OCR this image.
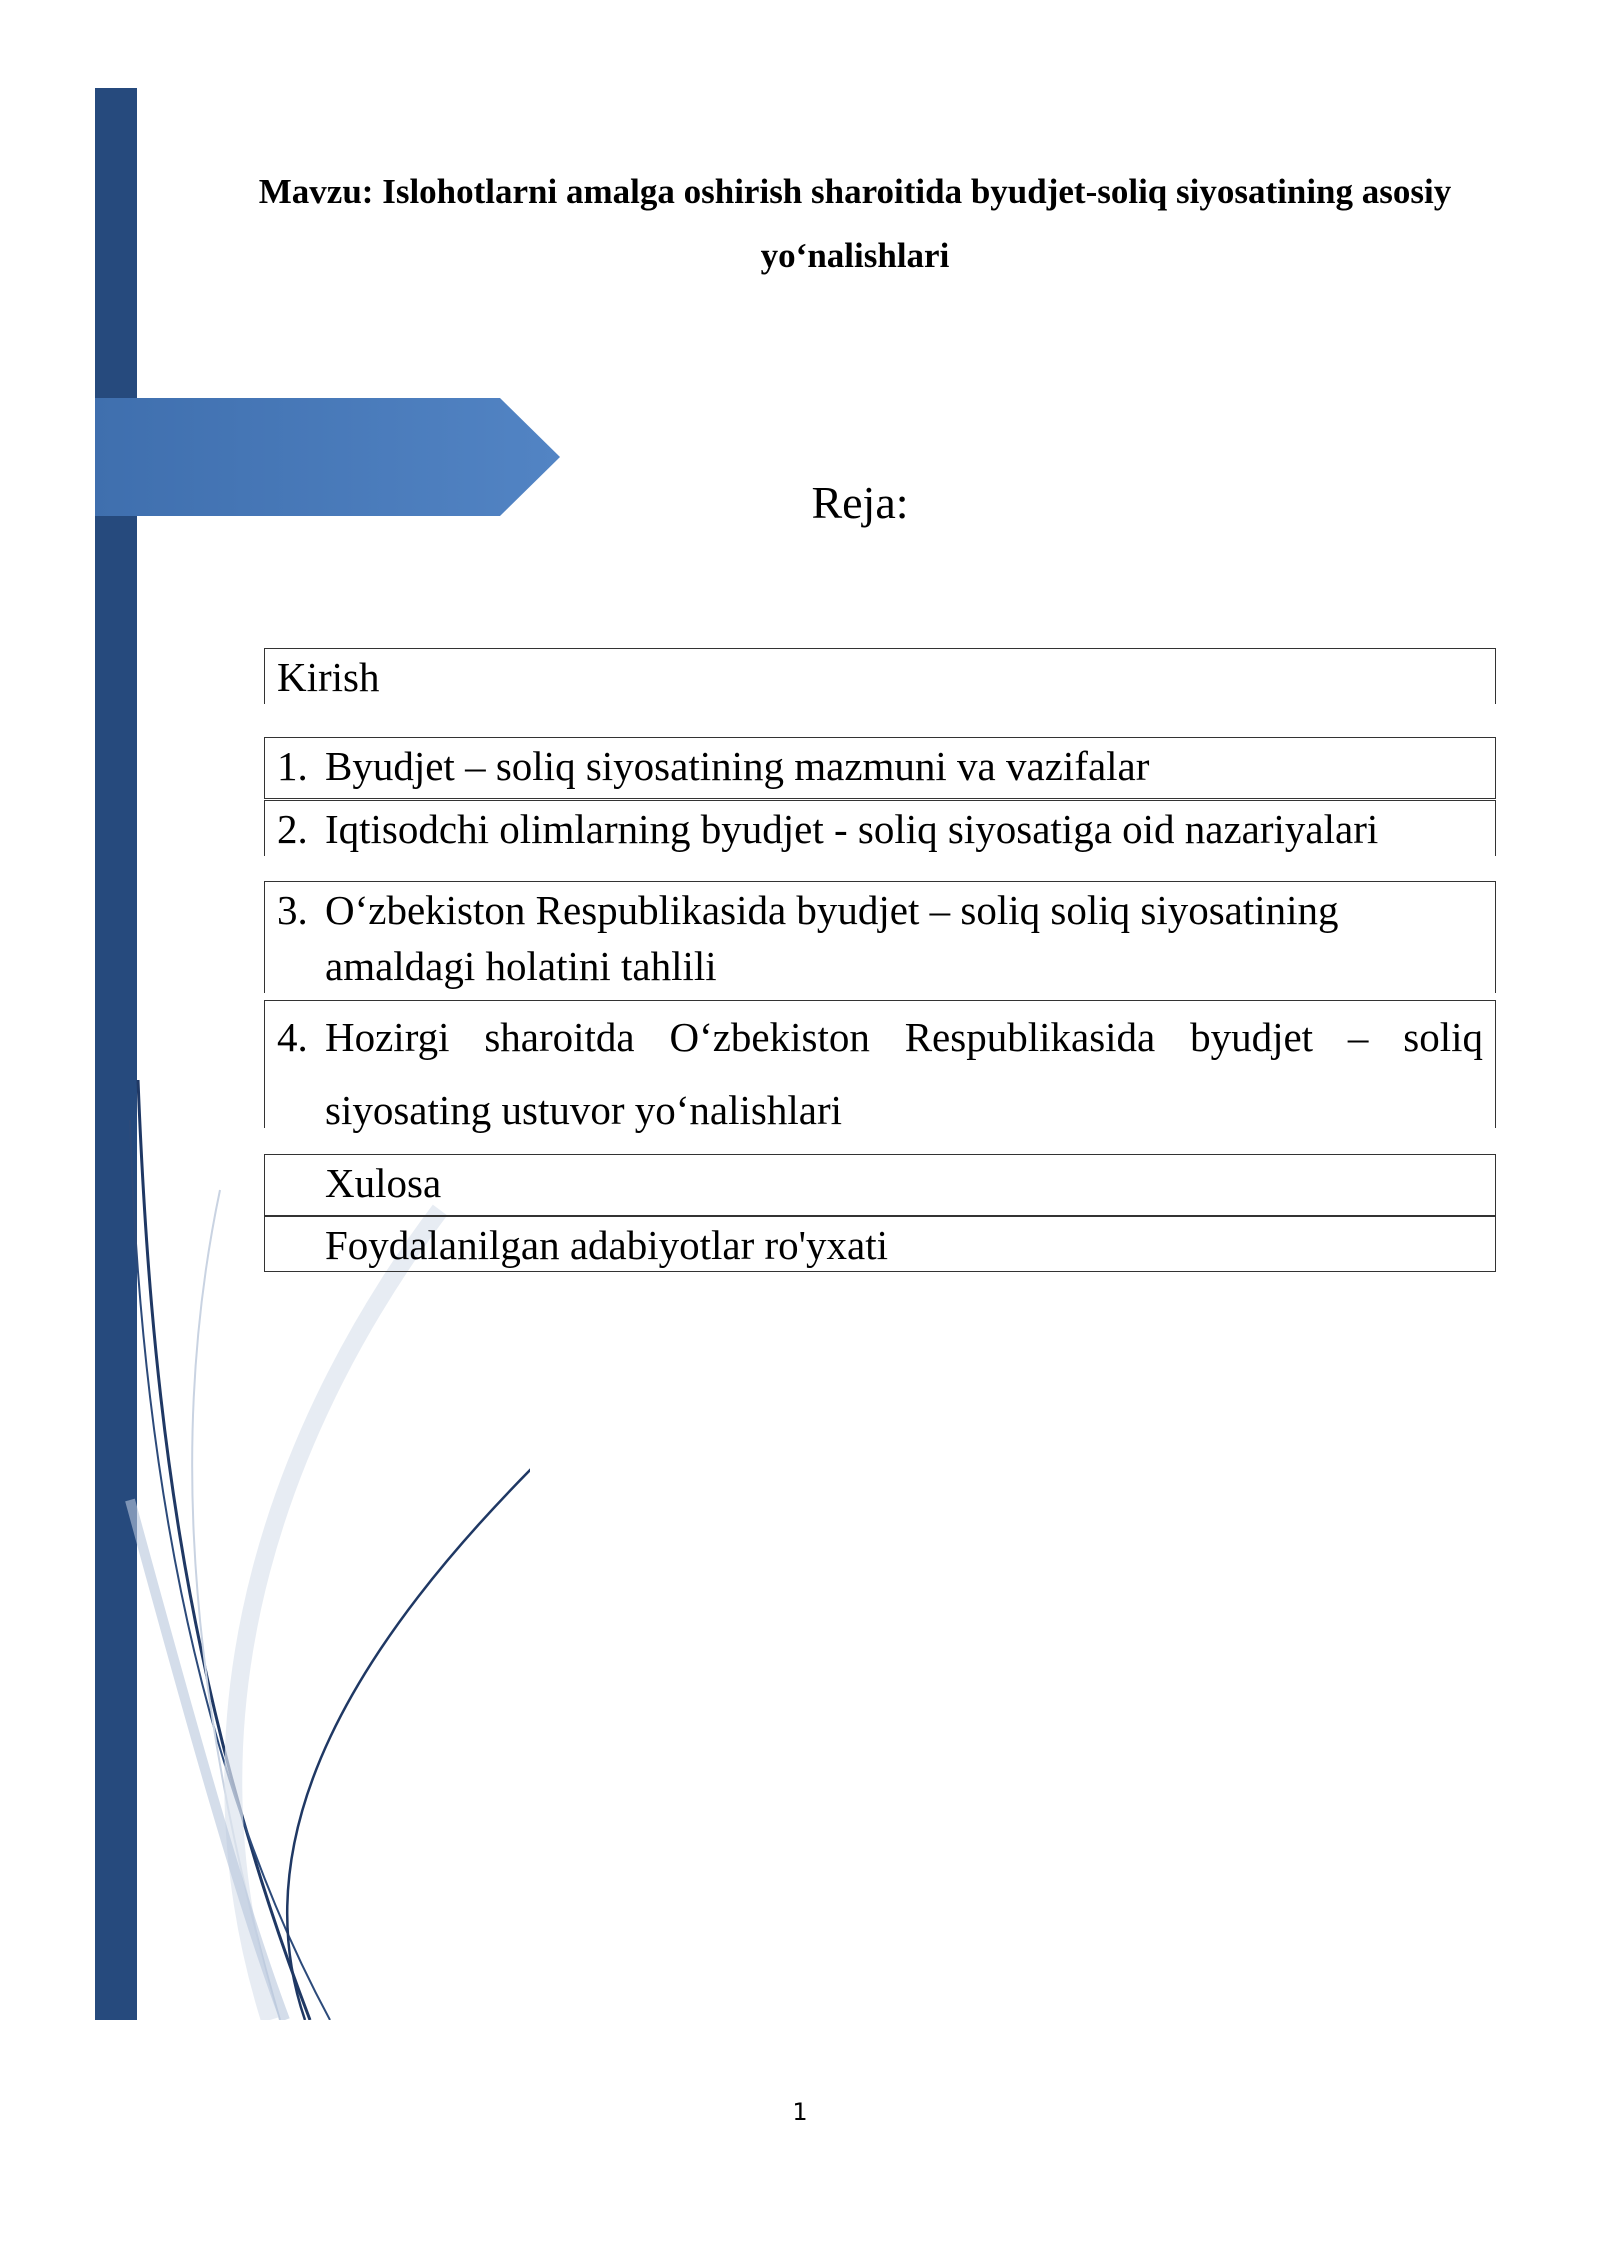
Mavzu: Islohotlarni amalga oshirish sharoitida byudjet-soliq siyosatining asosiy yo‘nalishlari
Reja:
Kirish
1. Byudjet – soliq siyosatining mazmuni va vazifalar
2. Iqtisodchi olimlarning byudjet - soliq siyosatiga oid nazariyalari
3. O‘zbekiston Respublikasida byudjet – soliq soliq siyosatining amaldagi holatini tahlili
4. Hozirgi sharoitda O‘zbekiston Respublikasida byudjet – soliq siyosating ustuvor yo‘nalishlari
Xulosa
Foydalanilgan adabiyotlar ro'yxati
1
